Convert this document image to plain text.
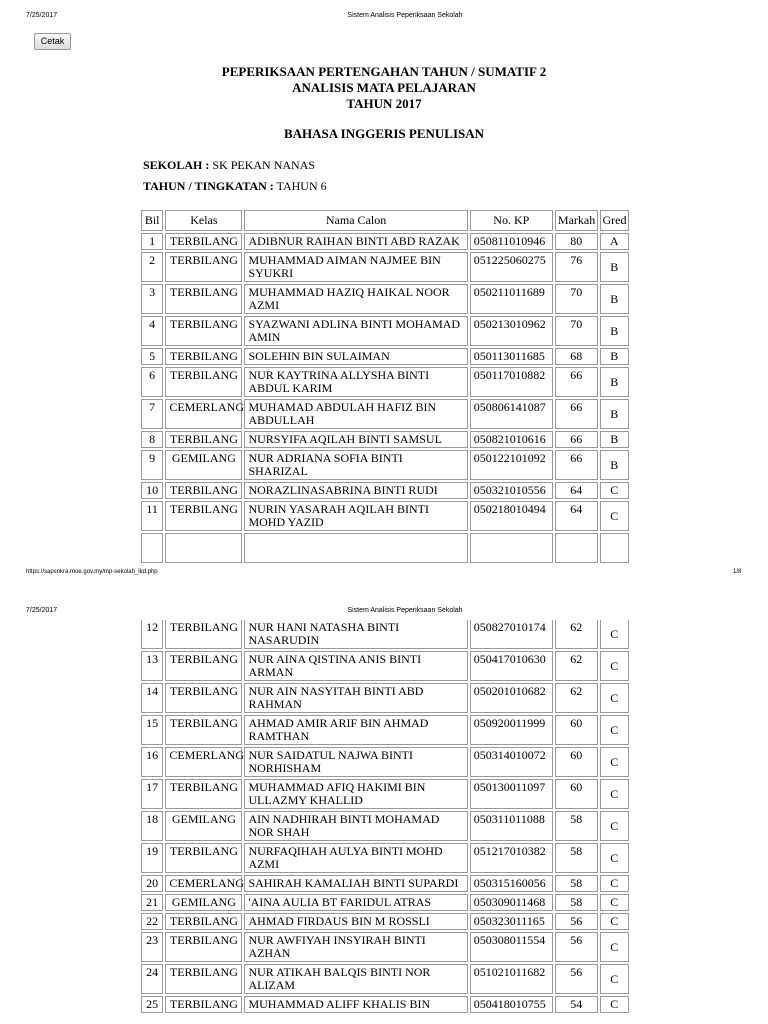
7/25/2017	Sistem Analisis Peperiksaan Sekolah
Cetak
PEPERIKSAAN PERTENGAHAN TAHUN / SUMATIF 2
ANALISIS MATA PELAJARAN
TAHUN 2017
BAHASA INGGERIS PENULISAN
SEKOLAH : SK PEKAN NANAS
TAHUN / TINGKATAN : TAHUN 6
Bil	Kelas	Nama Calon	No. KP	Markah	Gred
1	TERBILANG	ADIBNUR RAIHAN BINTI ABD RAZAK	050811010946	80	A
2	TERBILANG	MUHAMMAD AIMAN NAJMEE BIN SYUKRI	051225060275	76	B
3	TERBILANG	MUHAMMAD HAZIQ HAIKAL NOOR AZMI	050211011689	70	B
4	TERBILANG	SYAZWANI ADLINA BINTI MOHAMAD AMIN	050213010962	70	B
5	TERBILANG	SOLEHIN BIN SULAIMAN	050113011685	68	B
6	TERBILANG	NUR KAYTRINA ALLYSHA BINTI ABDUL KARIM	050117010882	66	B
7	CEMERLANG	MUHAMAD ABDULAH HAFIZ BIN ABDULLAH	050806141087	66	B
8	TERBILANG	NURSYIFA AQILAH BINTI SAMSUL	050821010616	66	B
9	GEMILANG	NUR ADRIANA SOFIA BINTI SHARIZAL	050122101092	66	B
10	TERBILANG	NORAZLINASABRINA BINTI RUDI	050321010556	64	C
11	TERBILANG	NURIN YASARAH AQILAH BINTI MOHD YAZID	050218010494	64	C

https://sapsnkra.moe.gov.my/mp-sekolah_lkd.php	1/8
7/25/2017	Sistem Analisis Peperiksaan Sekolah
12	TERBILANG	NUR HANI NATASHA BINTI NASARUDIN	050827010174	62	C
13	TERBILANG	NUR AINA QISTINA ANIS BINTI ARMAN	050417010630	62	C
14	TERBILANG	NUR AIN NASYITAH BINTI ABD RAHMAN	050201010682	62	C
15	TERBILANG	AHMAD AMIR ARIF BIN AHMAD RAMTHAN	050920011999	60	C
16	CEMERLANG	NUR SAIDATUL NAJWA BINTI NORHISHAM	050314010072	60	C
17	TERBILANG	MUHAMMAD AFIQ HAKIMI BIN ULLAZMY KHALLID	050130011097	60	C
18	GEMILANG	AIN NADHIRAH BINTI MOHAMAD NOR SHAH	050311011088	58	C
19	TERBILANG	NURFAQIHAH AULYA BINTI MOHD AZMI	051217010382	58	C
20	CEMERLANG	SAHIRAH KAMALIAH BINTI SUPARDI	050315160056	58	C
21	GEMILANG	'AINA AULIA BT FARIDUL ATRAS	050309011468	58	C
22	TERBILANG	AHMAD FIRDAUS BIN M ROSSLI	050323011165	56	C
23	TERBILANG	NUR AWFIYAH INSYIRAH BINTI AZHAN	050308011554	56	C
24	TERBILANG	NUR ATIKAH BALQIS BINTI NOR ALIZAM	051021011682	56	C
25	TERBILANG	MUHAMMAD ALIFF KHALIS BIN	050418010755	54	C
